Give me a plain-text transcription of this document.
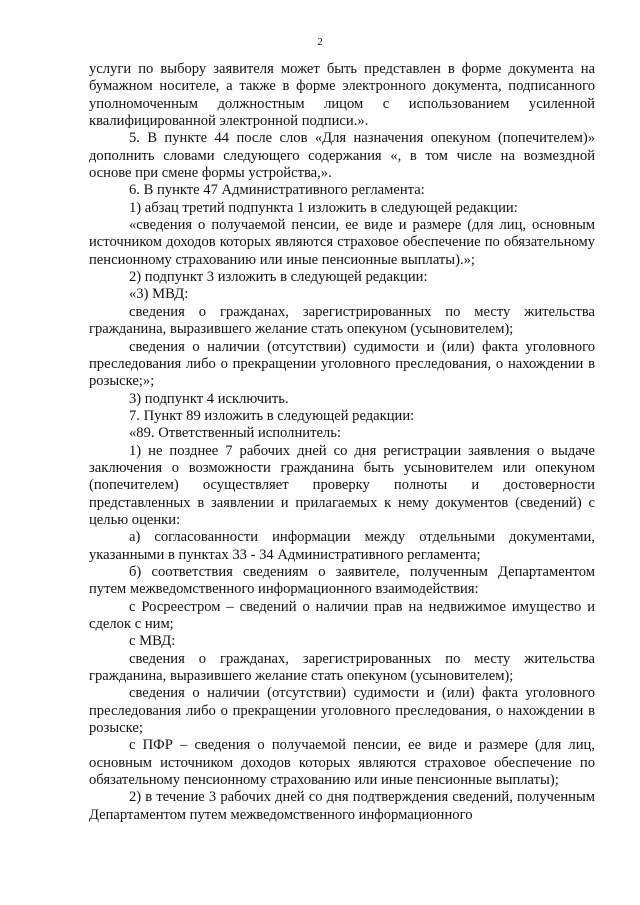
2

услуги по выбору заявителя может быть представлен в форме документа на бумажном носителе, а также в форме электронного документа, подписанного уполномоченным должностным лицом с использованием усиленной квалифицированной электронной подписи.».

5. В пункте 44 после слов «Для назначения опекуном (попечителем)» дополнить словами следующего содержания «, в том числе на возмездной основе при смене формы устройства,».

6. В пункте 47 Административного регламента:

1) абзац третий подпункта 1 изложить в следующей редакции:

«сведения о получаемой пенсии, ее виде и размере (для лиц, основным источником доходов которых являются страховое обеспечение по обязательному пенсионному страхованию или иные пенсионные выплаты).»;

2) подпункт 3 изложить в следующей редакции:

«3) МВД:

сведения о гражданах, зарегистрированных по месту жительства гражданина, выразившего желание стать опекуном (усыновителем);

сведения о наличии (отсутствии) судимости и (или) факта уголовного преследования либо о прекращении уголовного преследования, о нахождении в розыске;»;

3) подпункт 4 исключить.

7. Пункт 89 изложить в следующей редакции:

«89. Ответственный исполнитель:

1) не позднее 7 рабочих дней со дня регистрации заявления о выдаче заключения о возможности гражданина быть усыновителем или опекуном (попечителем) осуществляет проверку полноты и достоверности представленных в заявлении и прилагаемых к нему документов (сведений) с целью оценки:

а) согласованности информации между отдельными документами, указанными в пунктах 33 - 34 Административного регламента;

б) соответствия сведениям о заявителе, полученным Департаментом путем межведомственного информационного взаимодействия:

с Росреестром – сведений о наличии прав на недвижимое имущество и сделок с ним;

с МВД:

сведения о гражданах, зарегистрированных по месту жительства гражданина, выразившего желание стать опекуном (усыновителем);

сведения о наличии (отсутствии) судимости и (или) факта уголовного преследования либо о прекращении уголовного преследования, о нахождении в розыске;

с ПФР – сведения о получаемой пенсии, ее виде и размере (для лиц, основным источником доходов которых являются страховое обеспечение по обязательному пенсионному страхованию или иные пенсионные выплаты);

2) в течение 3 рабочих дней со дня подтверждения сведений, полученным Департаментом путем межведомственного информационного
